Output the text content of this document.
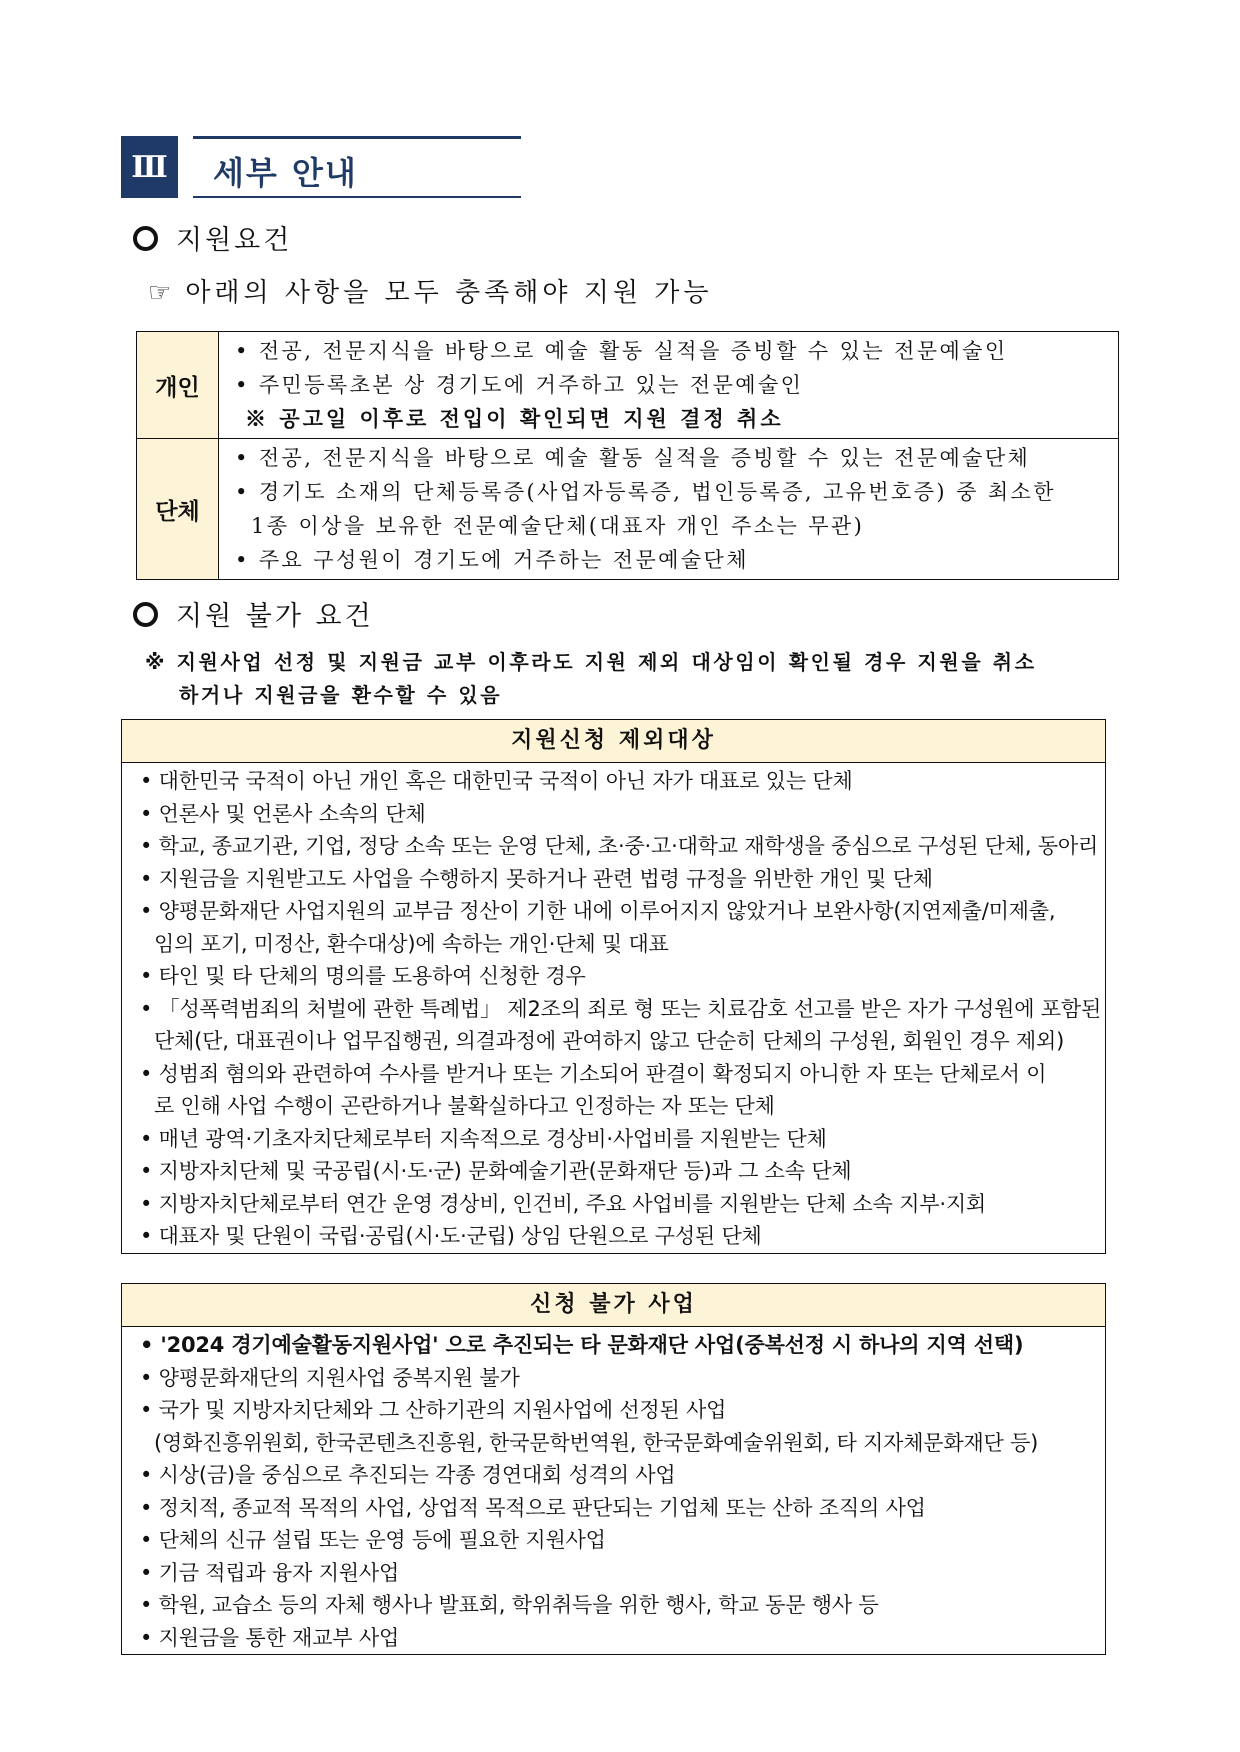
Ⅲ	세부 안내
지원요건
☞ 아래의 사항을 모두 충족해야 지원 가능
개인	• 전공, 전문지식을 바탕으로 예술 활동 실적을 증빙할 수 있는 전문예술인
• 주민등록초본 상 경기도에 거주하고 있는 전문예술인
※ 공고일 이후로 전입이 확인되면 지원 결정 취소

단체	• 전공, 전문지식을 바탕으로 예술 활동 실적을 증빙할 수 있는 전문예술단체
• 경기도 소재의 단체등록증(사업자등록증, 법인등록증, 고유번호증) 중 최소한
1종 이상을 보유한 전문예술단체(대표자 개인 주소는 무관)
• 주요 구성원이 경기도에 거주하는 전문예술단체
지원 불가 요건
※ 지원사업 선정 및 지원금 교부 이후라도 지원 제외 대상임이 확인될 경우 지원을 취소
하거나 지원금을 환수할 수 있음
지원신청 제외대상
• 대한민국 국적이 아닌 개인 혹은 대한민국 국적이 아닌 자가 대표로 있는 단체
• 언론사 및 언론사 소속의 단체
• 학교, 종교기관, 기업, 정당 소속 또는 운영 단체, 초·중·고·대학교 재학생을 중심으로 구성된 단체, 동아리
• 지원금을 지원받고도 사업을 수행하지 못하거나 관련 법령 규정을 위반한 개인 및 단체
• 양평문화재단 사업지원의 교부금 정산이 기한 내에 이루어지지 않았거나 보완사항(지연제출/미제출,
임의 포기, 미정산, 환수대상)에 속하는 개인·단체 및 대표
• 타인 및 타 단체의 명의를 도용하여 신청한 경우
• 「성폭력범죄의 처벌에 관한 특례법」 제2조의 죄로 형 또는 치료감호 선고를 받은 자가 구성원에 포함된
단체(단, 대표권이나 업무집행권, 의결과정에 관여하지 않고 단순히 단체의 구성원, 회원인 경우 제외)
• 성범죄 혐의와 관련하여 수사를 받거나 또는 기소되어 판결이 확정되지 아니한 자 또는 단체로서 이
로 인해 사업 수행이 곤란하거나 불확실하다고 인정하는 자 또는 단체
• 매년 광역·기초자치단체로부터 지속적으로 경상비·사업비를 지원받는 단체
• 지방자치단체 및 국공립(시·도·군) 문화예술기관(문화재단 등)과 그 소속 단체
• 지방자치단체로부터 연간 운영 경상비, 인건비, 주요 사업비를 지원받는 단체 소속 지부·지회
• 대표자 및 단원이 국립·공립(시·도·군립) 상임 단원으로 구성된 단체
신청 불가 사업
• '2024 경기예술활동지원사업' 으로 추진되는 타 문화재단 사업(중복선정 시 하나의 지역 선택)
• 양평문화재단의 지원사업 중복지원 불가
• 국가 및 지방자치단체와 그 산하기관의 지원사업에 선정된 사업
(영화진흥위원회, 한국콘텐츠진흥원, 한국문학번역원, 한국문화예술위원회, 타 지자체문화재단 등)
• 시상(금)을 중심으로 추진되는 각종 경연대회 성격의 사업
• 정치적, 종교적 목적의 사업, 상업적 목적으로 판단되는 기업체 또는 산하 조직의 사업
• 단체의 신규 설립 또는 운영 등에 필요한 지원사업
• 기금 적립과 융자 지원사업
• 학원, 교습소 등의 자체 행사나 발표회, 학위취득을 위한 행사, 학교 동문 행사 등
• 지원금을 통한 재교부 사업
